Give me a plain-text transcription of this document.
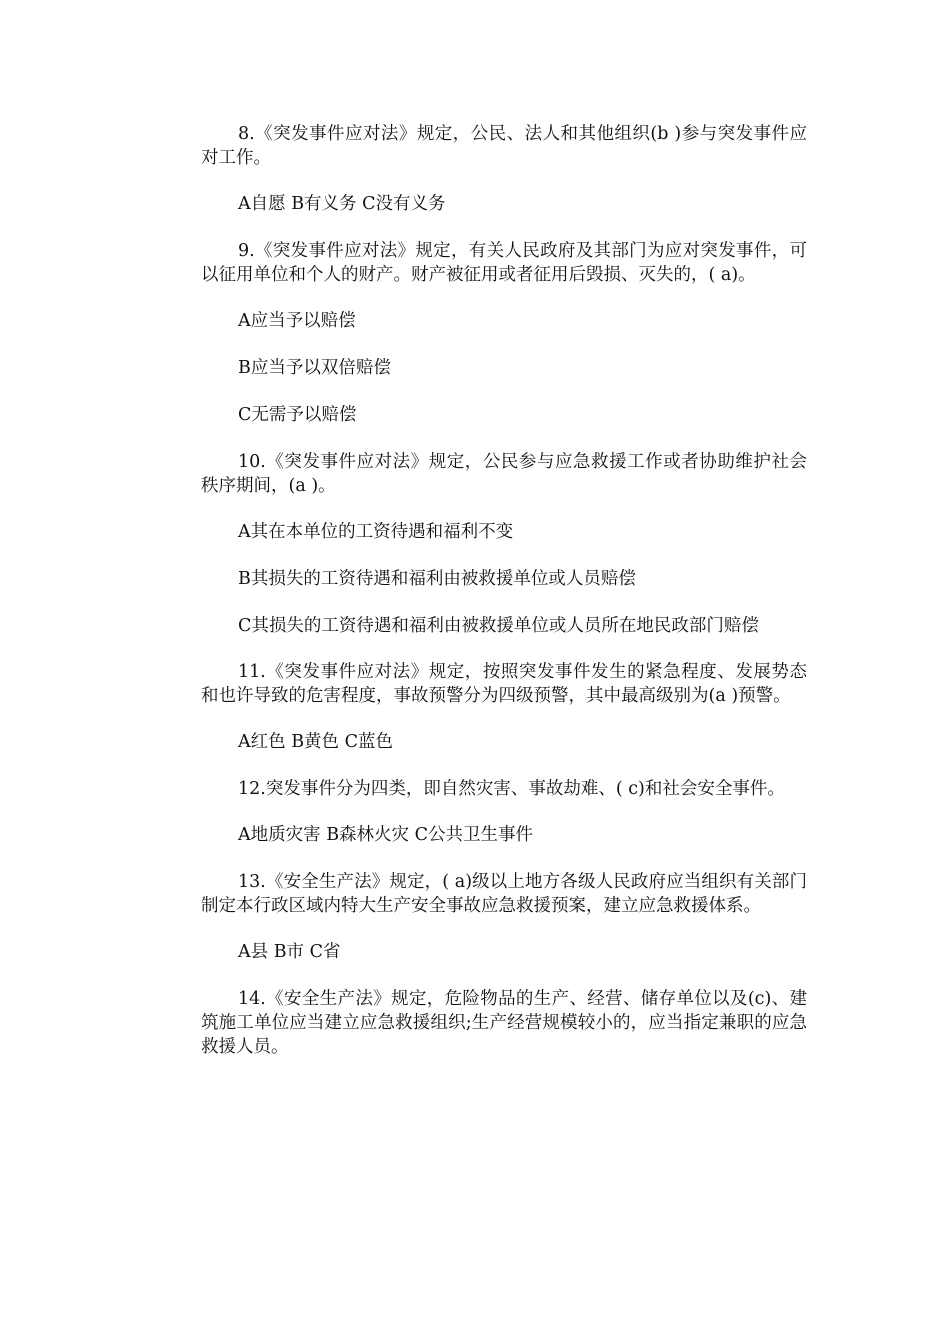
8.《突发事件应对法》规定，公民、法人和其他组织(b )参与突发事件应对工作。

A自愿 B有义务 C没有义务

9.《突发事件应对法》规定，有关人民政府及其部门为应对突发事件，可以征用单位和个人的财产。财产被征用或者征用后毁损、灭失的，( a)。

A应当予以赔偿

B应当予以双倍赔偿

C无需予以赔偿

10.《突发事件应对法》规定，公民参与应急救援工作或者协助维护社会秩序期间，(a )。

A其在本单位的工资待遇和福利不变

B其损失的工资待遇和福利由被救援单位或人员赔偿

C其损失的工资待遇和福利由被救援单位或人员所在地民政部门赔偿

11.《突发事件应对法》规定，按照突发事件发生的紧急程度、发展势态和也许导致的危害程度，事故预警分为四级预警，其中最高级别为(a )预警。

A红色 B黄色 C蓝色

12.突发事件分为四类，即自然灾害、事故劫难、( c)和社会安全事件。

A地质灾害 B森林火灾 C公共卫生事件

13.《安全生产法》规定，( a)级以上地方各级人民政府应当组织有关部门制定本行政区域内特大生产安全事故应急救援预案，建立应急救援体系。

A县 B市 C省

14.《安全生产法》规定，危险物品的生产、经营、储存单位以及(c)、建筑施工单位应当建立应急救援组织;生产经营规模较小的，应当指定兼职的应急救援人员。
